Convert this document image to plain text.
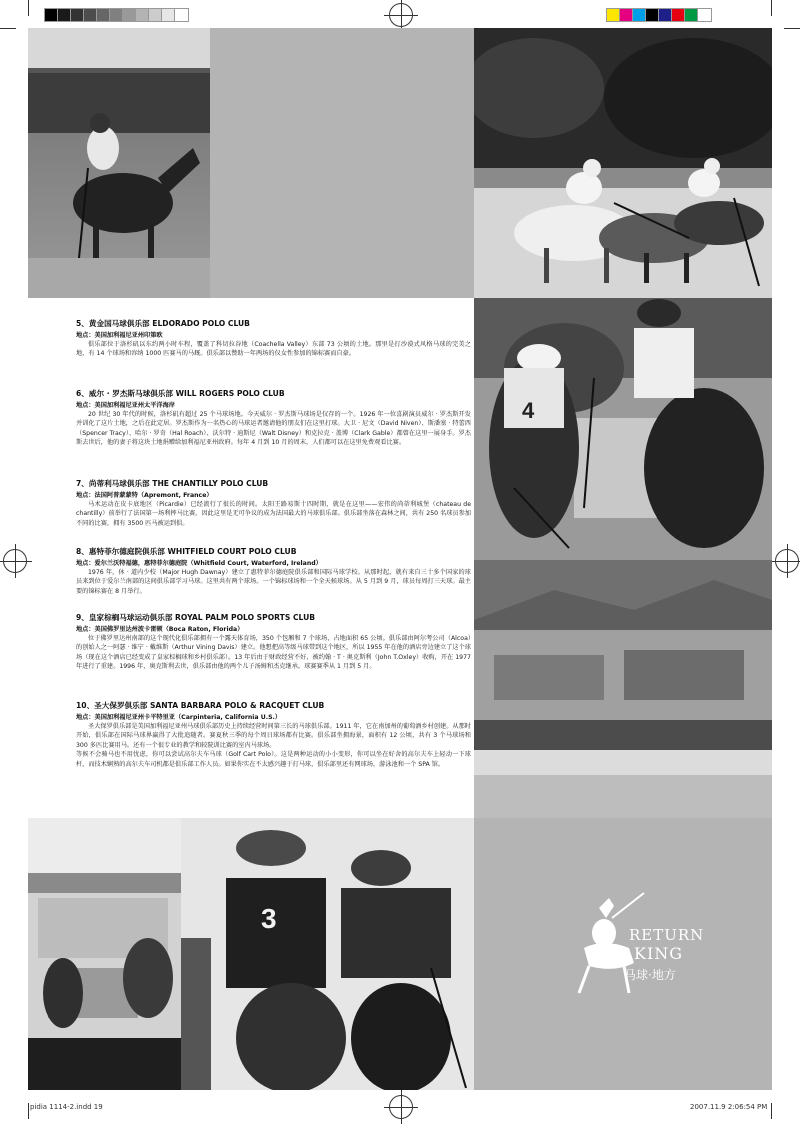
5、黄金国马球俱乐部 ELDORADO POLO CLUB

地点：美国加利福尼亚州印第欧

俱乐部位于洛杉矶以东约两小时车程，覆盖了科切拉谷地（Coachella Valley）东部 73 公顷的土地。那里是打沙漠式风格马球的完美之地，有 14 个球场和容纳 1000 匹赛马的马厩。俱乐部以赞助一年两场的仅女性参加的锦标赛而自豪。

6、威尔 · 罗杰斯马球俱乐部 WILL ROGERS POLO CLUB

地点：美国加利福尼亚州太平洋海岸

20 世纪 30 年代的时候，洛杉矶有超过 25 个马球场地。今天威尔 · 罗杰斯马球场是仅存的一个。1926 年一位喜剧演员威尔 · 罗杰斯开发并训化了这片土地，之后在此定居。罗杰斯作为一名热心的马球运者邀请他的朋友们在这里打球。大卫 · 尼文（David Niven）、斯潘塞 · 特蕾西（Spencer Tracy）、哈尔 · 罗奇（Hal Roach）、沃尔特 · 迪斯尼（Walt Disney）和克拉克 · 盖博（Clark Gable）都曾在这里一展身手。罗杰斯去世后，他的妻子将这块土地捐赠给加利福尼亚州政府。每年 4 月到 10 月的周末，人们都可以在这里免费观看比赛。

7、尚蒂利马球俱乐部 THE CHANTILLY POLO CLUB

地点：法国阿普蒙蒙特（Apremont, France）

马术运动在皮卡底地区（Picardie）已经流行了很长的时间。太阳王路易斯十四时期，就是在这里——宏伟的尚蒂利城堡（chateau de chantilly）前举行了法国第一场利摔马比赛，因此这里是无可争议的成为法国最大的马球俱乐部。俱乐部坐落在森林之间，共有 250 名球员参加不同的比赛，拥有 3500 匹马被运到俱。

8、惠特菲尔德庭院俱乐部 WHITFIELD COURT POLO CLUB

地点：爱尔兰沃特福德，惠特菲尔德庭院（Whitfield Court, Waterford, Ireland）

1976 年，休 · 道内少校（Major Hugh Dawnay）建立了惠特菲尔德庭院俱乐部和国际马球学校。从那时起，就有来自三十多个国家的球员来到位于爱尔兰南部的这间俱乐部学习马球。这里共有两个球场。一个锦标球场和一个全天候球场。从 5 月到 9 月，球员每周打三天球。最主要的锦标赛在 8 月举行。

9、皇家棕榈马球运动俱乐部 ROYAL PALM POLO SPORTS CLUB

地点：美国佛罗里达州波卡雷顿（Boca Raton, Florida）

位于佛罗里达州南部的这个现代化俱乐部拥有一个露天体育场，350 个包厢和 7 个球场，占地面积 65 公顷。俱乐部由阿尔考公司（Alcoa）的创始人之一阿瑟 · 维宁 · 戴维斯（Arthur Vining Davis）建立。他想把高等级马球带到这个地区，所以 1955 年在他的酒店旁边建立了这个球场（现在这个酒店已经变成了皇家棕榈球和乡村俱乐部）。13 年后由于财政经营不好，被约翰 · T · 奥克斯利（John T.Oxley）收购，开在 1977 年进行了重建。1996 年，奥克斯利去世，俱乐部由他的两个儿子汤姆和杰克继承。球赛赛季从 1 月到 5 月。

10、圣大保罗俱乐部 SANTA BARBARA POLO & RACQUET CLUB

地点：美国加利福尼亚州卡平特里亚（Carpinteria, California U.S.）

圣大保罗俱乐部是美国加利福尼亚州马球俱乐部历史上持续经营时间第三长的马球俱乐部。1911 年，它在南加州的葡萄酒乡村创建。从那时开始，俱乐部在国际马球界赢得了大批追随者。赛夏秋三季的每个周日球场都有比赛。俱乐部坐拥海景，面积有 12 公顷，共有 3 个马球场和 300 多匹比赛用马。还有一个很专业的教学和较院训比赛的室内马球场。
等候不会骑马也不用忧虑，你可以尝试高尔夫车马球（Golf Cart Polo）。这是两种运动的小小变形，你可以坐在好舍的高尔夫车上轻动一下球杆，而技术娴熟的高尔夫车司机都是俱乐部工作人员。如果你实在不太感兴趣于打马球，俱乐部里还有网球场，游泳池和一个 SPA 馆。

4
3
RETURN
盎 KING
马球·地方
pidia 1114-2.indd 19	2007.11.9 2:06:54 PM
